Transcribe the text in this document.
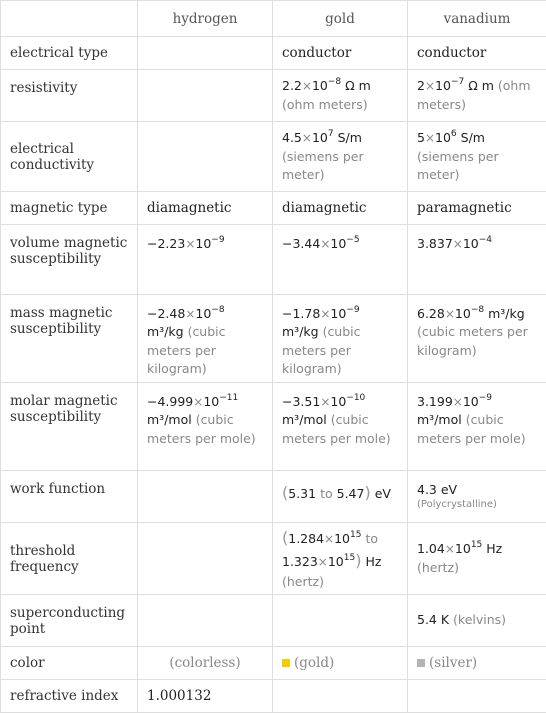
	hydrogen	gold	vanadium
electrical type		conductor	conductor
resistivity		$2.2\times 10^{-8}$ Ω m (ohm meters)	$2\times 10^{-7}$ Ω m (ohm meters)

electrical conductivity		$4.5\times 10^7$ S/m (siemens per meter)	$5\times 10^6$ S/m (siemens per meter)

magnetic type	diamagnetic	diamagnetic	paramagnetic
volume magnetic susceptibility	$-2.23\times 10^{-9}$	$-3.44\times 10^{-5}$	$3.837\times 10^{-4}$

mass magnetic susceptibility	$-2.48\times 10^{-8}$ m³/kg (cubic meters per kilogram)	$-1.78\times 10^{-9}$ m³/kg (cubic meters per kilogram)	$6.28\times 10^{-8}$ m³/kg (cubic meters per kilogram)

molar magnetic susceptibility	$-4.999\times 10^{-11}$ m³/mol (cubic meters per mole)	$-3.51\times 10^{-10}$ m³/mol (cubic meters per mole)	$3.199\times 10^{-9}$ m³/mol (cubic meters per mole)

work function		(5.31 to 5.47) eV	4.3 eV
(Polycrystalline)

threshold frequency		($1.284\times 10^{15}$ to
$1.323\times 10^{15}$) Hz
(hertz)	$1.04\times 10^{15}$ Hz
(hertz)

superconducting point			5.4 K (kelvins)

color	(colorless)	(gold)	(silver)
refractive index	1.000132		
